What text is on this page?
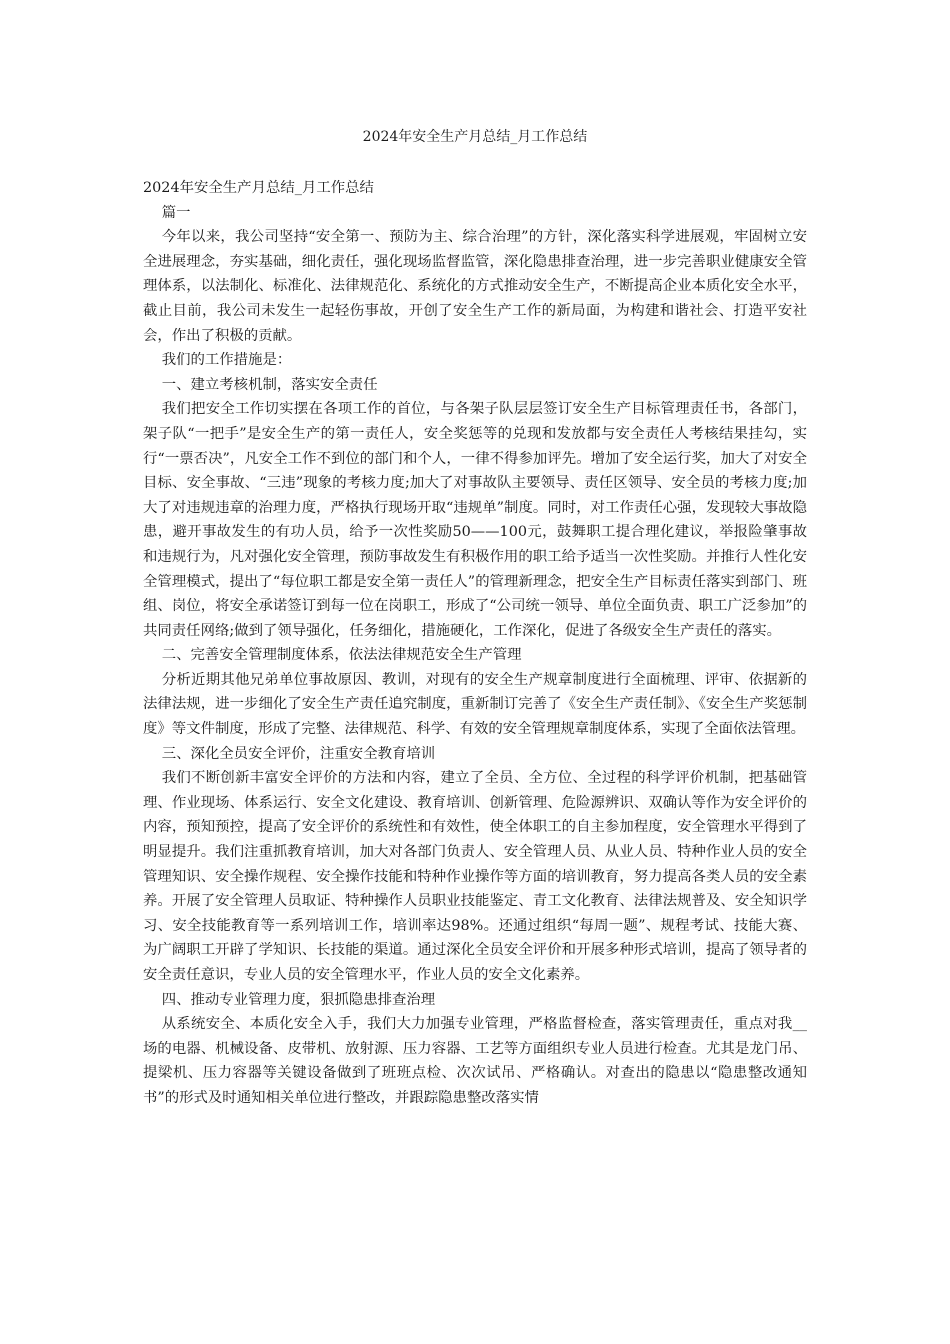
2024年安全生产月总结_月工作总结

2024年安全生产月总结_月工作总结

篇一

今年以来，我公司坚持“安全第一、预防为主、综合治理”的方针，深化落实科学进展观，牢固树立安全进展理念，夯实基础，细化责任，强化现场监督监管，深化隐患排查治理，进一步完善职业健康安全管理体系，以法制化、标准化、法律规范化、系统化的方式推动安全生产，不断提高企业本质化安全水平，截止目前，我公司未发生一起轻伤事故，开创了安全生产工作的新局面，为构建和谐社会、打造平安社会，作出了积极的贡献。

我们的工作措施是：

一、建立考核机制，落实安全责任

我们把安全工作切实摆在各项工作的首位，与各架子队层层签订安全生产目标管理责任书，各部门，架子队“一把手”是安全生产的第一责任人，安全奖惩等的兑现和发放都与安全责任人考核结果挂勾，实行“一票否决”，凡安全工作不到位的部门和个人，一律不得参加评先。增加了安全运行奖，加大了对安全目标、安全事故、“三违”现象的考核力度;加大了对事故队主要领导、责任区领导、安全员的考核力度;加大了对违规违章的治理力度，严格执行现场开取“违规单”制度。同时，对工作责任心强，发现较大事故隐患，避开事故发生的有功人员，给予一次性奖励50——100元，鼓舞职工提合理化建议，举报险肇事故和违规行为，凡对强化安全管理，预防事故发生有积极作用的职工给予适当一次性奖励。并推行人性化安全管理模式，提出了“每位职工都是安全第一责任人”的管理新理念，把安全生产目标责任落实到部门、班组、岗位，将安全承诺签订到每一位在岗职工，形成了“公司统一领导、单位全面负责、职工广泛参加”的共同责任网络;做到了领导强化，任务细化，措施硬化，工作深化，促进了各级安全生产责任的落实。

二、完善安全管理制度体系，依法法律规范安全生产管理

分析近期其他兄弟单位事故原因、教训，对现有的安全生产规章制度进行全面梳理、评审、依据新的法律法规，进一步细化了安全生产责任追究制度，重新制订完善了《安全生产责任制》、《安全生产奖惩制度》等文件制度，形成了完整、法律规范、科学、有效的安全管理规章制度体系，实现了全面依法管理。

三、深化全员安全评价，注重安全教育培训

我们不断创新丰富安全评价的方法和内容，建立了全员、全方位、全过程的科学评价机制，把基础管理、作业现场、体系运行、安全文化建设、教育培训、创新管理、危险源辨识、双确认等作为安全评价的内容，预知预控，提高了安全评价的系统性和有效性，使全体职工的自主参加程度，安全管理水平得到了明显提升。我们注重抓教育培训，加大对各部门负责人、安全管理人员、从业人员、特种作业人员的安全管理知识、安全操作规程、安全操作技能和特种作业操作等方面的培训教育，努力提高各类人员的安全素养。开展了安全管理人员取证、特种操作人员职业技能鉴定、青工文化教育、法律法规普及、安全知识学习、安全技能教育等一系列培训工作，培训率达98%。还通过组织“每周一题”、规程考试、技能大赛、为广阔职工开辟了学知识、长技能的渠道。通过深化全员安全评价和开展多种形式培训，提高了领导者的安全责任意识，专业人员的安全管理水平，作业人员的安全文化素养。

四、推动专业管理力度，狠抓隐患排查治理

从系统安全、本质化安全入手，我们大力加强专业管理，严格监督检查，落实管理责任，重点对我__场的电器、机械设备、皮带机、放射源、压力容器、工艺等方面组织专业人员进行检查。尤其是龙门吊、提梁机、压力容器等关键设备做到了班班点检、次次试吊、严格确认。对查出的隐患以“隐患整改通知书”的形式及时通知相关单位进行整改，并跟踪隐患整改落实情
